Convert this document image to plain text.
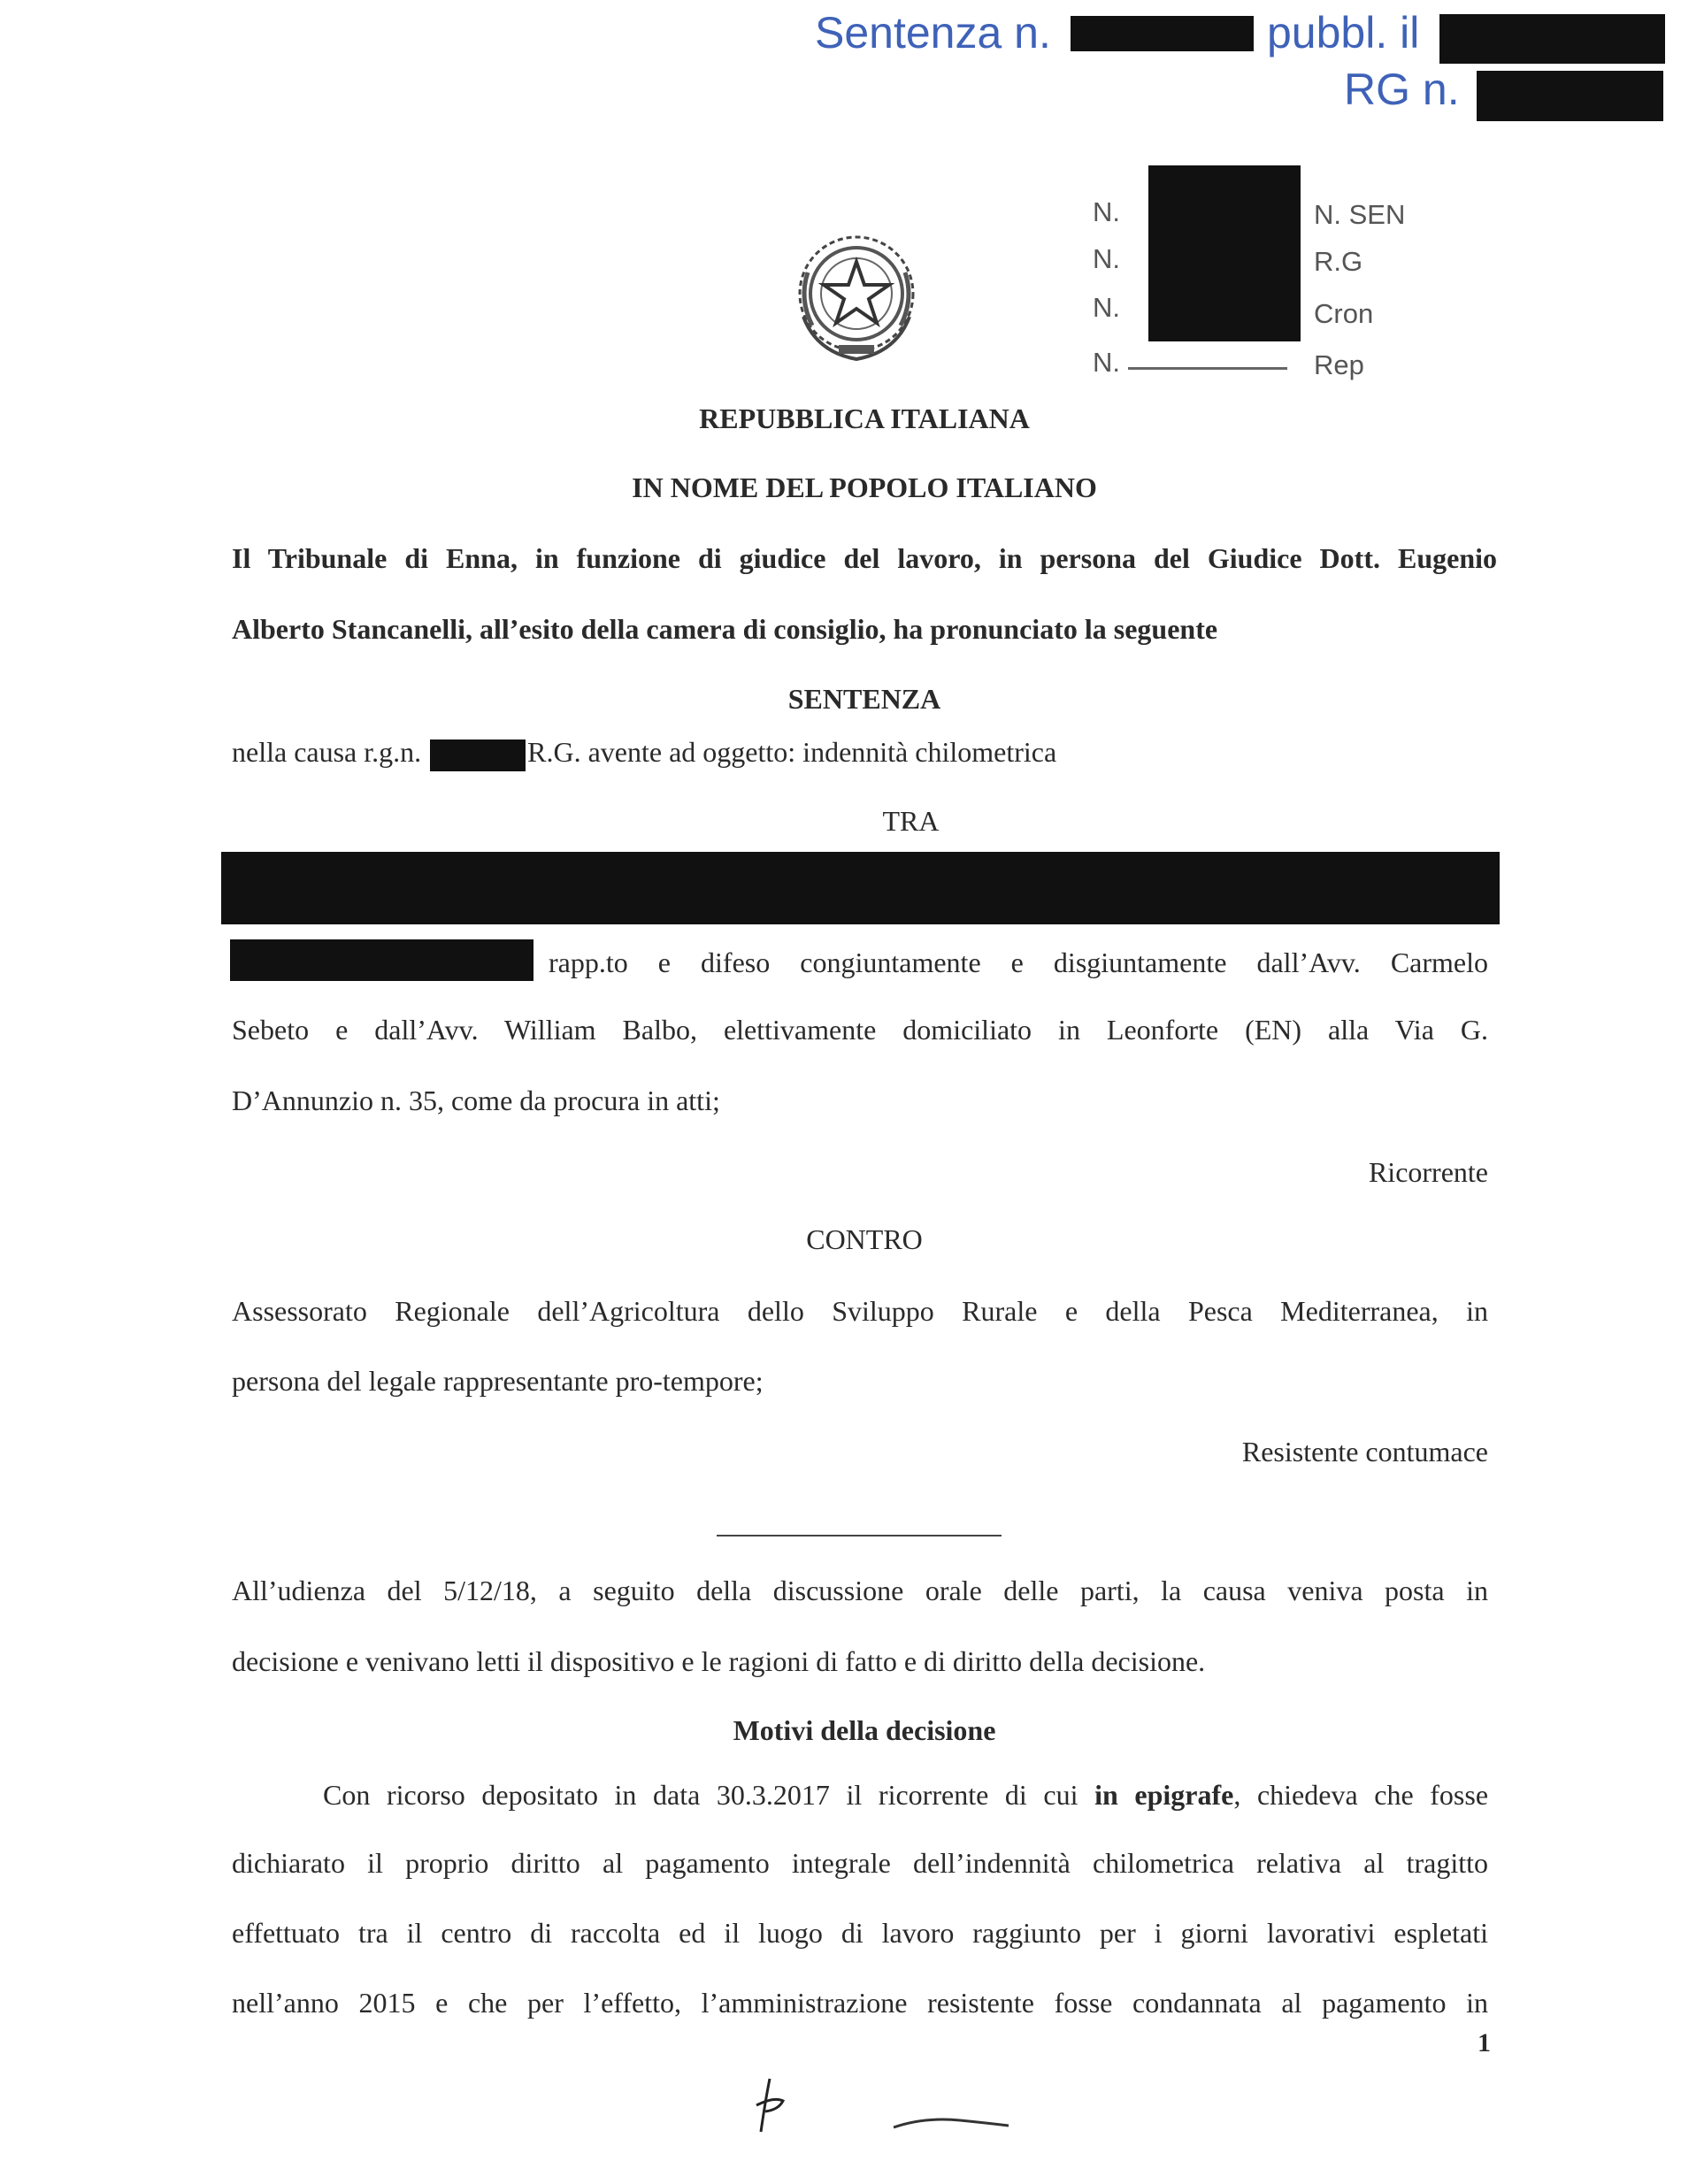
Sentenza n.	pubbl. il
RG n.
N.
N.
N.
N.
N. SEN
R.G
Cron
Rep
REPUBBLICA ITALIANA
IN NOME DEL POPOLO ITALIANO
Il Tribunale di Enna, in funzione di giudice del lavoro, in persona del Giudice Dott. Eugenio
Alberto Stancanelli, all’esito della camera di consiglio, ha pronunciato la seguente
SENTENZA
nella causa r.g.n.	R.G. avente ad oggetto: indennità chilometrica
TRA
rapp.to e difeso congiuntamente e disgiuntamente dall’Avv. Carmelo
Sebeto e dall’Avv. William Balbo, elettivamente domiciliato in Leonforte (EN) alla Via G.
D’Annunzio n. 35, come da procura in atti;
Ricorrente
CONTRO
Assessorato Regionale dell’Agricoltura dello Sviluppo Rurale e della Pesca Mediterranea, in
persona del legale rappresentante pro-tempore;
Resistente contumace
All’udienza del 5/12/18, a seguito della discussione orale delle parti, la causa veniva posta in
decisione e venivano letti il dispositivo e le ragioni di fatto e di diritto della decisione.
Motivi della decisione
Con ricorso depositato in data 30.3.2017 il ricorrente di cui in epigrafe, chiedeva che fosse
dichiarato il proprio diritto al pagamento integrale dell’indennità chilometrica relativa al tragitto
effettuato tra il centro di raccolta ed il luogo di lavoro raggiunto per i giorni lavorativi espletati
nell’anno 2015 e che per l’effetto, l’amministrazione resistente fosse condannata al pagamento in
1
